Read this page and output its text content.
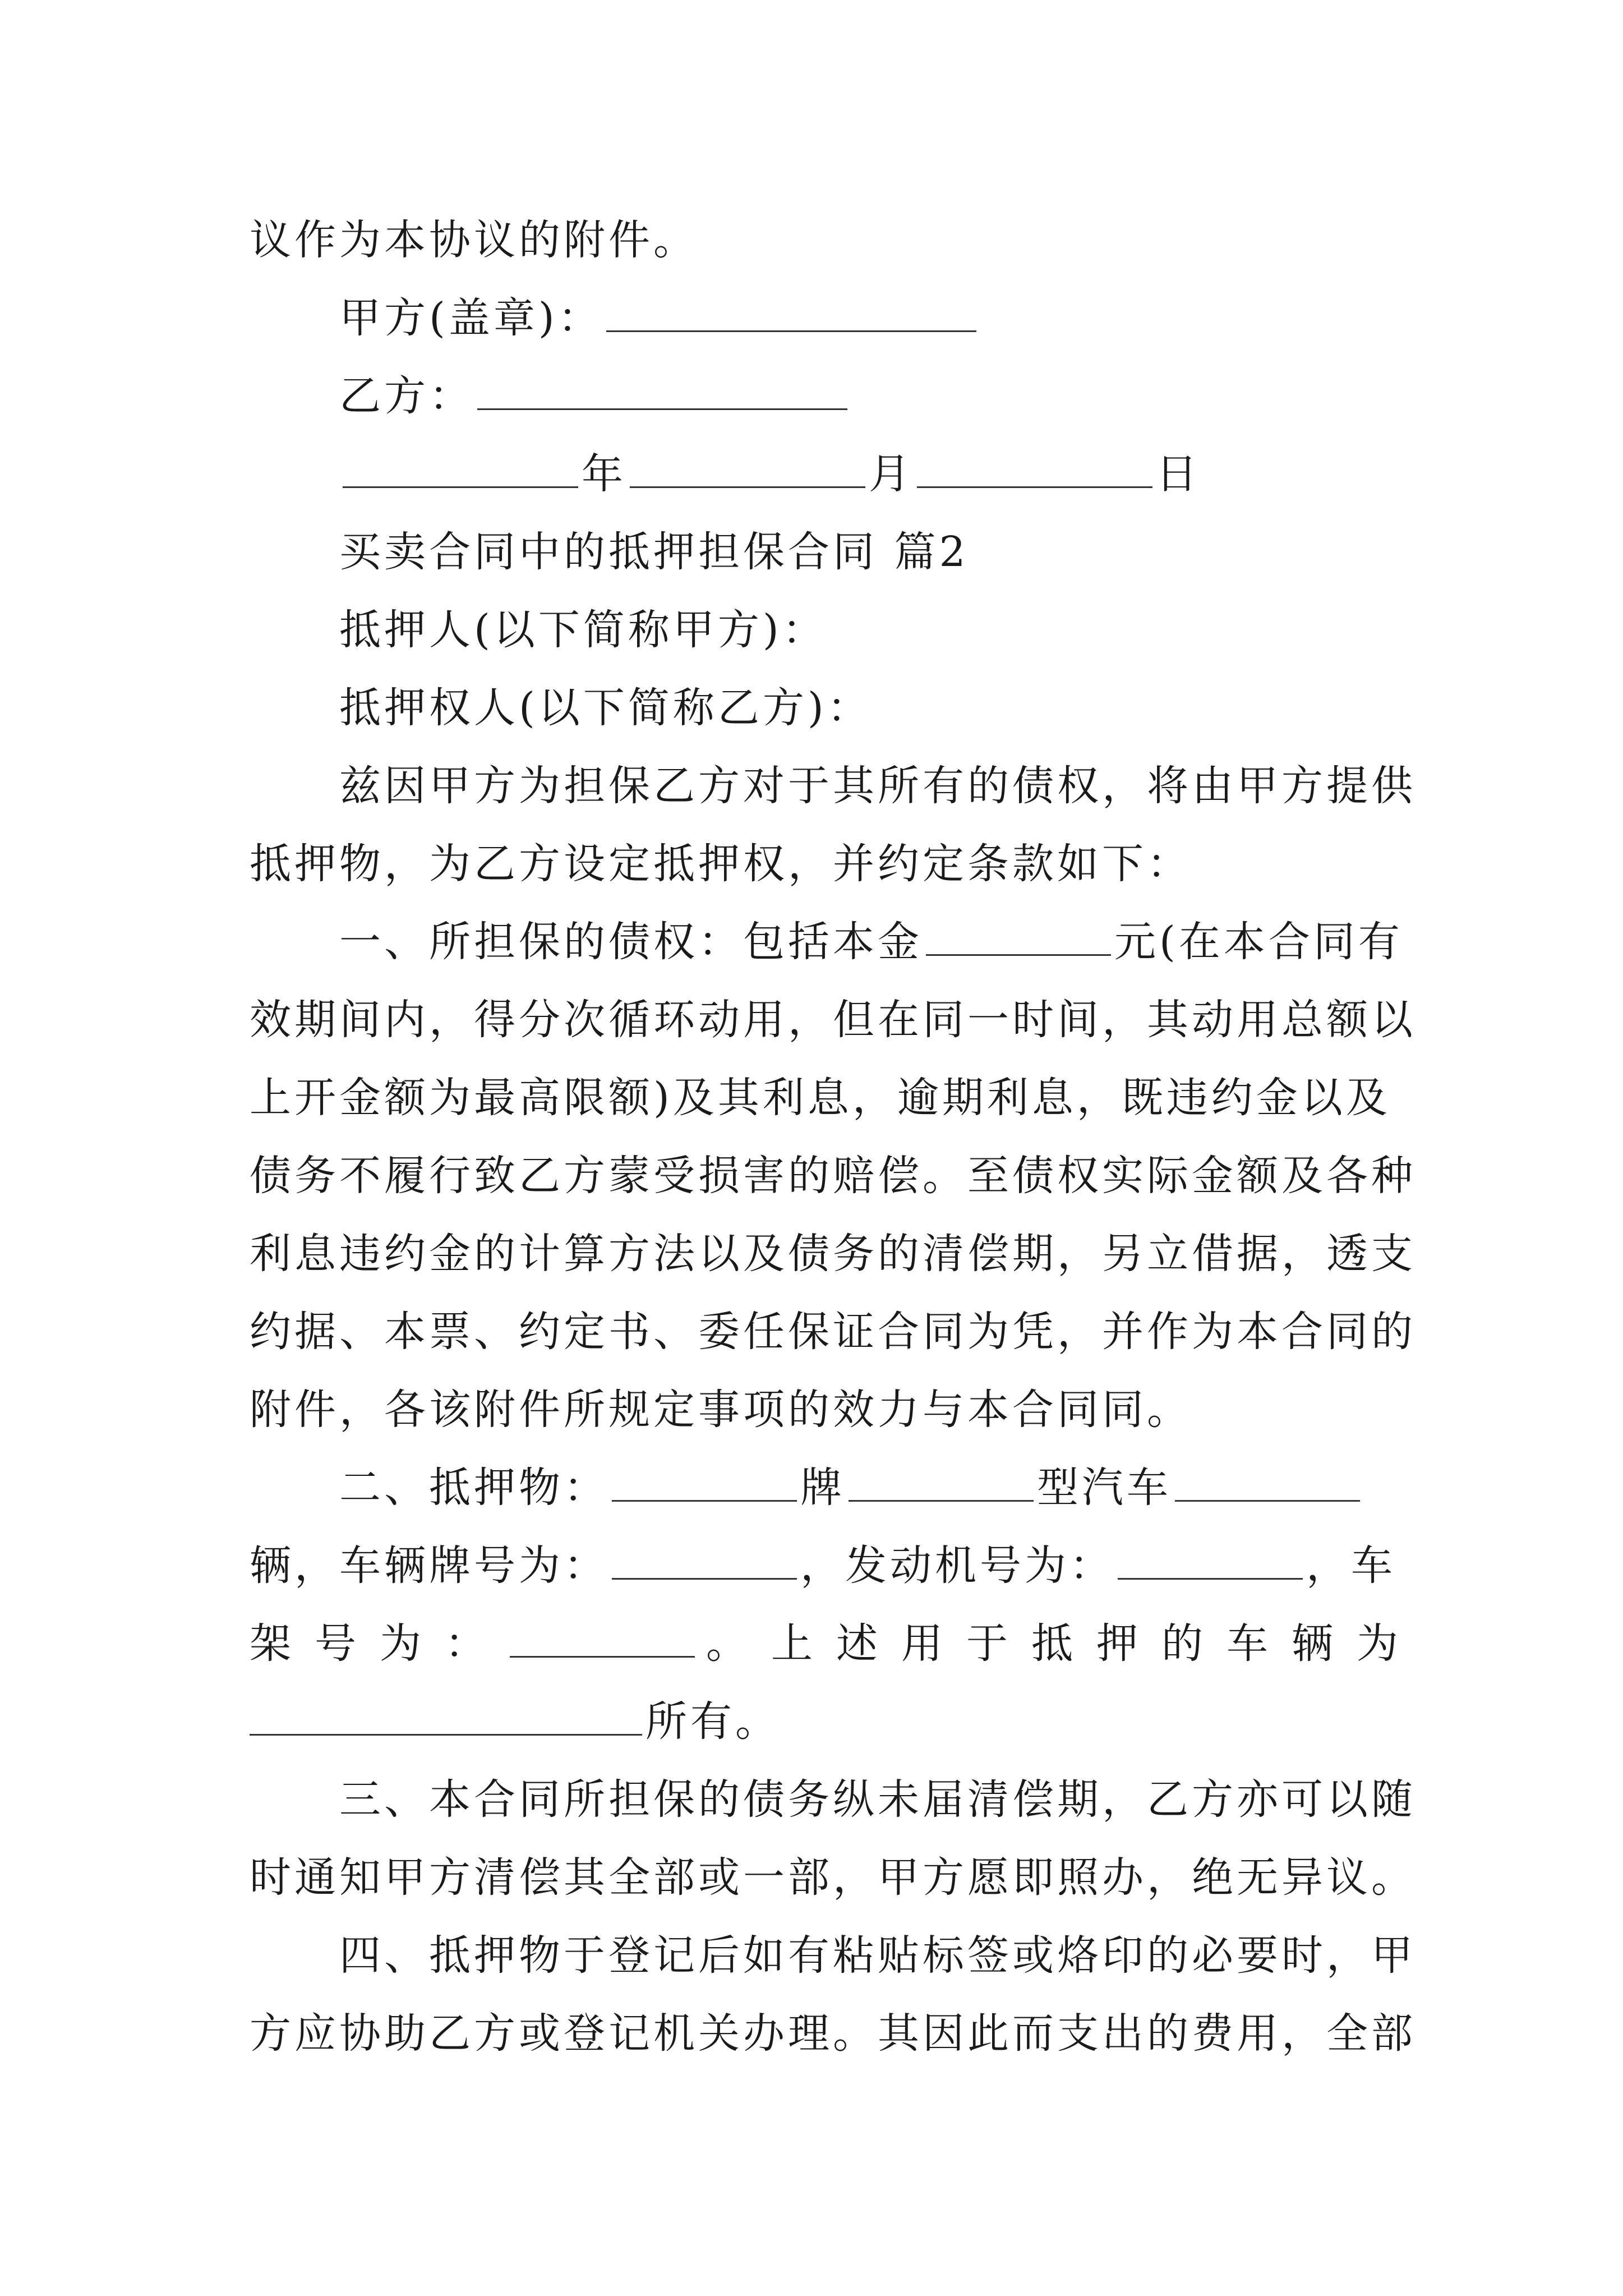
议作为本协议的附件。
甲方(盖章)：
乙方：
年	月	日
买卖合同中的抵押担保合同 篇2
抵押人(以下简称甲方)：
抵押权人(以下简称乙方)：
兹因甲方为担保乙方对于其所有的债权，将由甲方提供
抵押物，为乙方设定抵押权，并约定条款如下：
一、所担保的债权：包括本金	元(在本合同有
效期间内，得分次循环动用，但在同一时间，其动用总额以
上开金额为最高限额)及其利息，逾期利息，既违约金以及
债务不履行致乙方蒙受损害的赔偿。至债权实际金额及各种
利息违约金的计算方法以及债务的清偿期，另立借据，透支
约据、本票、约定书、委任保证合同为凭，并作为本合同的
附件，各该附件所规定事项的效力与本合同同。
二、抵押物：	牌	型汽车
辆，车辆牌号为：	，发动机号为：	，车
架号为：	。上述用于抵押的车辆为
所有。
三、本合同所担保的债务纵未届清偿期，乙方亦可以随
时通知甲方清偿其全部或一部，甲方愿即照办，绝无异议。
四、抵押物于登记后如有粘贴标签或烙印的必要时，甲
方应协助乙方或登记机关办理。其因此而支出的费用，全部
